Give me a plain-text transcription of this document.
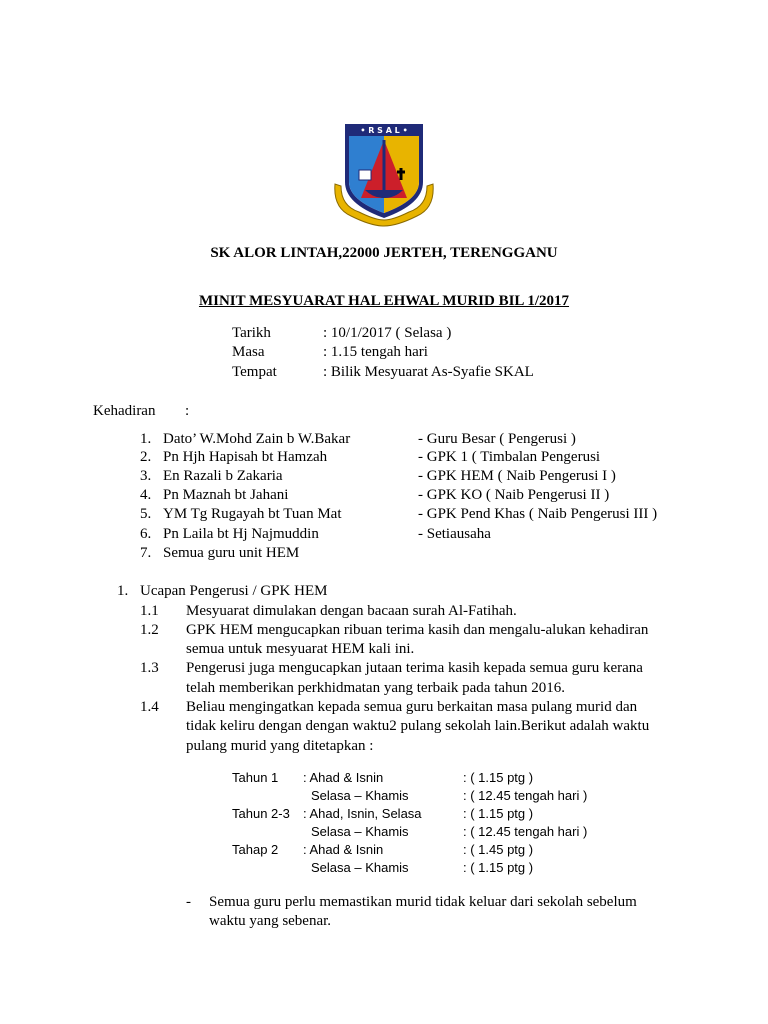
• R S A L •
SK ALOR LINTAH,22000 JERTEH, TERENGGANU
MINIT MESYUARAT HAL EHWAL MURID BIL 1/2017
Tarikh	: 10/1/2017 ( Selasa )
Masa	: 1.15 tengah hari
Tempat	: Bilik Mesyuarat As-Syafie SKAL
Kehadiran :
1. Dato’ W.Mohd Zain b W.Bakar	- Guru Besar ( Pengerusi )
2. Pn Hjh Hapisah bt Hamzah	- GPK 1 ( Timbalan Pengerusi
3. En Razali b Zakaria	- GPK HEM ( Naib Pengerusi I )
4. Pn Maznah bt Jahani	- GPK KO ( Naib Pengerusi II )
5. YM Tg Rugayah bt Tuan Mat	- GPK Pend Khas ( Naib Pengerusi III )
6. Pn Laila bt Hj Najmuddin	- Setiausaha
7. Semua guru unit HEM
1. Ucapan Pengerusi / GPK HEM
1.1 Mesyuarat dimulakan dengan bacaan surah Al-Fatihah.
1.2 GPK HEM mengucapkan ribuan terima kasih dan mengalu-alukan kehadiran
semua untuk mesyuarat HEM kali ini.
1.3 Pengerusi juga mengucapkan jutaan terima kasih kepada semua guru kerana
telah memberikan perkhidmatan yang terbaik pada tahun 2016.
1.4 Beliau mengingatkan kepada semua guru berkaitan masa pulang murid dan
tidak keliru dengan dengan waktu2 pulang sekolah lain.Berikut adalah waktu
pulang murid yang ditetapkan :
Tahun 1 : Ahad & Isnin	: ( 1.15 ptg )
Selasa – Khamis	: ( 12.45 tengah hari )
Tahun 2-3 : Ahad, Isnin, Selasa	: ( 1.15 ptg )
Selasa – Khamis	: ( 12.45 tengah hari )
Tahap 2 : Ahad & Isnin	: ( 1.45 ptg )
Selasa – Khamis	: ( 1.15 ptg )
- Semua guru perlu memastikan murid tidak keluar dari sekolah sebelum
waktu yang sebenar.
